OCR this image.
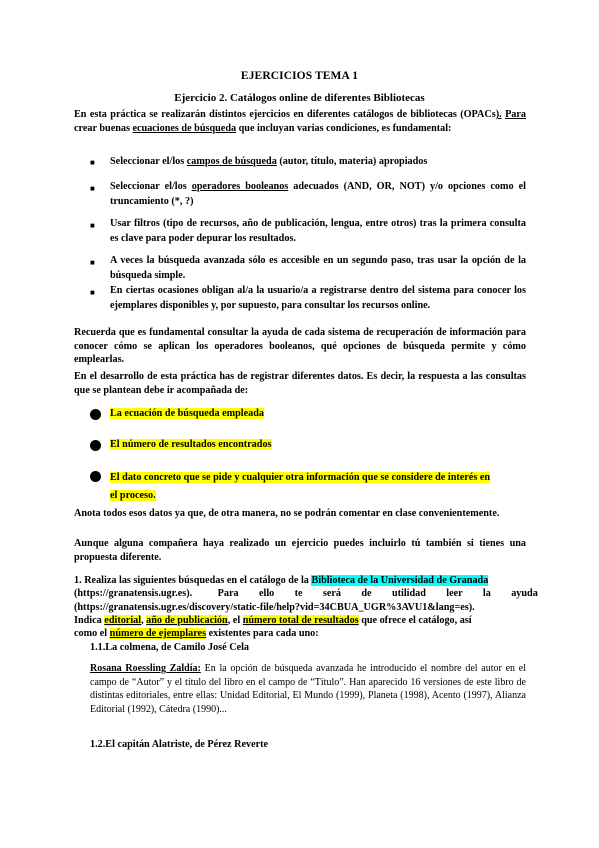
EJERCICIOS TEMA 1
Ejercicio 2. Catálogos online de diferentes Bibliotecas
En esta práctica se realizarán distintos ejercicios en diferentes catálogos de bibliotecas (OPACs). Para crear buenas ecuaciones de búsqueda que incluyan varias condiciones, es fundamental:
■ Seleccionar el/los campos de búsqueda (autor, título, materia) apropiados
■ Seleccionar el/los operadores booleanos adecuados (AND, OR, NOT) y/o opciones como el truncamiento (*, ?)
■ Usar filtros (tipo de recursos, año de publicación, lengua, entre otros) tras la primera consulta es clave para poder depurar los resultados.
■ A veces la búsqueda avanzada sólo es accesible en un segundo paso, tras usar la opción de la búsqueda simple.
■ En ciertas ocasiones obligan al/a la usuario/a a registrarse dentro del sistema para conocer los ejemplares disponibles y, por supuesto, para consultar los recursos online.
Recuerda que es fundamental consultar la ayuda de cada sistema de recuperación de información para conocer cómo se aplican los operadores booleanos, qué opciones de búsqueda permite y cómo emplearlas.
En el desarrollo de esta práctica has de registrar diferentes datos. Es decir, la respuesta a las consultas que se plantean debe ir acompañada de:
La ecuación de búsqueda empleada
El número de resultados encontrados
El dato concreto que se pide y cualquier otra información que se considere de interés en
el proceso.
Anota todos esos datos ya que, de otra manera, no se podrán comentar en clase convenientemente.
Aunque alguna compañera haya realizado un ejercicio puedes incluirlo tú también si tienes una propuesta diferente.
1. Realiza las siguientes búsquedas en el catálogo de la Biblioteca de la Universidad de Granada
(https://granatensis.ugr.es).          Para        ello        te        será        de        utilidad        leer        la        ayuda
(https://granatensis.ugr.es/discovery/static-file/help?vid=34CBUA_UGR%3AVU1&lang=es).
Indica editorial, año de publicación, el número total de resultados que ofrece el catálogo, así
como el número de ejemplares existentes para cada uno:
1.1.La colmena, de Camilo José Cela
Rosana Roessling Zaldía: En la opción de búsqueda avanzada he introducido el nombre del autor en el campo de “Autor” y el título del libro en el campo de “Título”. Han aparecido 16 versiones de este libro de distintas editoriales, entre ellas: Unidad Editorial, El Mundo (1999), Planeta (1998), Acento (1997), Alianza Editorial (1992), Cátedra (1990)...
1.2.El capitán Alatriste, de Pérez Reverte
